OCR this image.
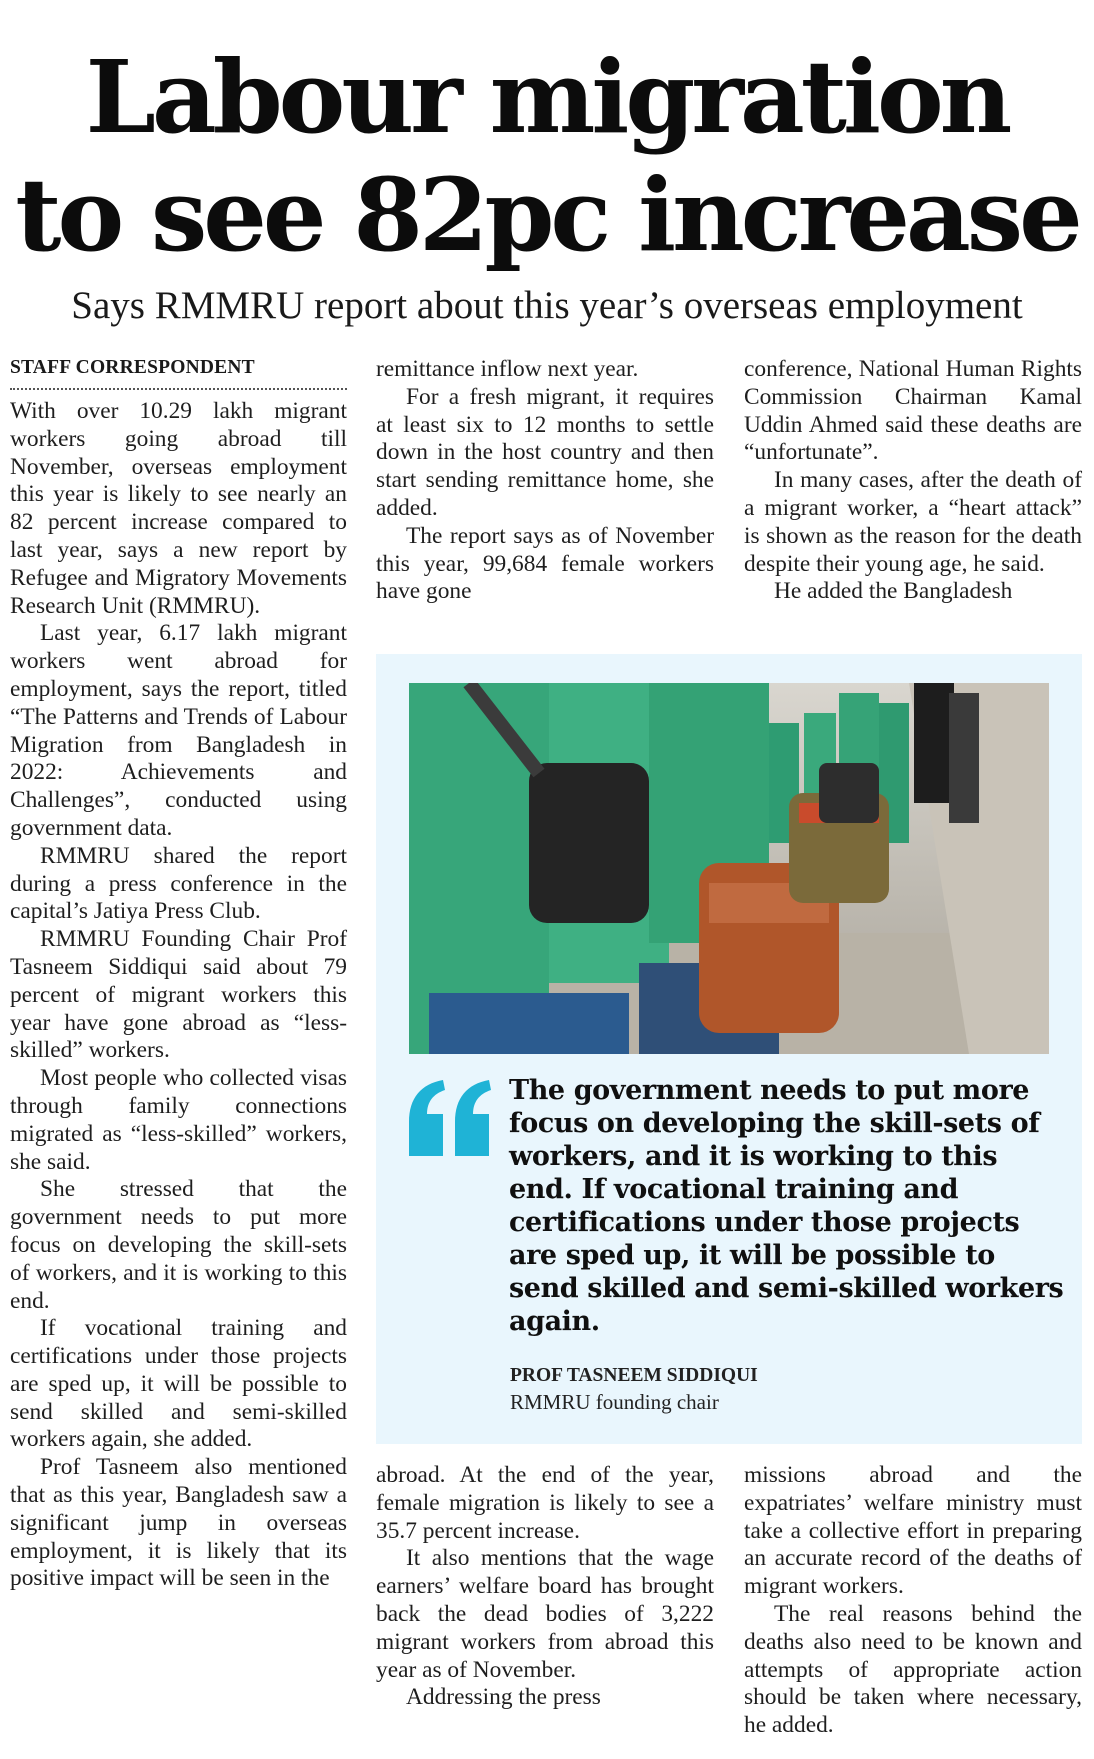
Labour migration
to see 82pc increase
Says RMMRU report about this year’s overseas employment
STAFF CORRESPONDENT

With over 10.29 lakh migrant workers going abroad till November, overseas employment this year is likely to see nearly an 82 percent increase compared to last year, says a new report by Refugee and Migratory Movements Research Unit (RMMRU).

Last year, 6.17 lakh migrant workers went abroad for employment, says the report, titled “The Patterns and Trends of Labour Migration from Bangladesh in 2022: Achievements and Challenges”, conducted using government data.

RMMRU shared the report during a press conference in the capital’s Jatiya Press Club.

RMMRU Founding Chair Prof Tasneem Siddiqui said about 79 percent of migrant workers this year have gone abroad as “less-skilled” workers.

Most people who collected visas through family connections migrated as “less-skilled” workers, she said.

She stressed that the government needs to put more focus on developing the skill-sets of workers, and it is working to this end.

If vocational training and certifications under those projects are sped up, it will be possible to send skilled and semi-skilled workers again, she added.

Prof Tasneem also mentioned that as this year, Bangladesh saw a significant jump in overseas employment, it is likely that its positive impact will be seen in the

remittance inflow next year.

For a fresh migrant, it requires at least six to 12 months to settle down in the host country and then start sending remittance home, she added.

The report says as of November this year, 99,684 female workers have gone

conference, National Human Rights Commission Chairman Kamal Uddin Ahmed said these deaths are “unfortunate”.

In many cases, after the death of a migrant worker, a “heart attack” is shown as the reason for the death despite their young age, he said.

He added the Bangladesh

The government needs to put more focus on developing the skill-sets of workers, and it is working to this end. If vocational training and certifications under those projects are sped up, it will be possible to send skilled and semi-skilled workers again.

PROF TASNEEM SIDDIQUI

RMMRU founding chair

abroad. At the end of the year, female migration is likely to see a 35.7 percent increase.

It also mentions that the wage earners’ welfare board has brought back the dead bodies of 3,222 migrant workers from abroad this year as of November.

Addressing the press

missions abroad and the expatriates’ welfare ministry must take a collective effort in preparing an accurate record of the deaths of migrant workers.

The real reasons behind the deaths also need to be known and attempts of appropriate action should be taken where necessary, he added.
